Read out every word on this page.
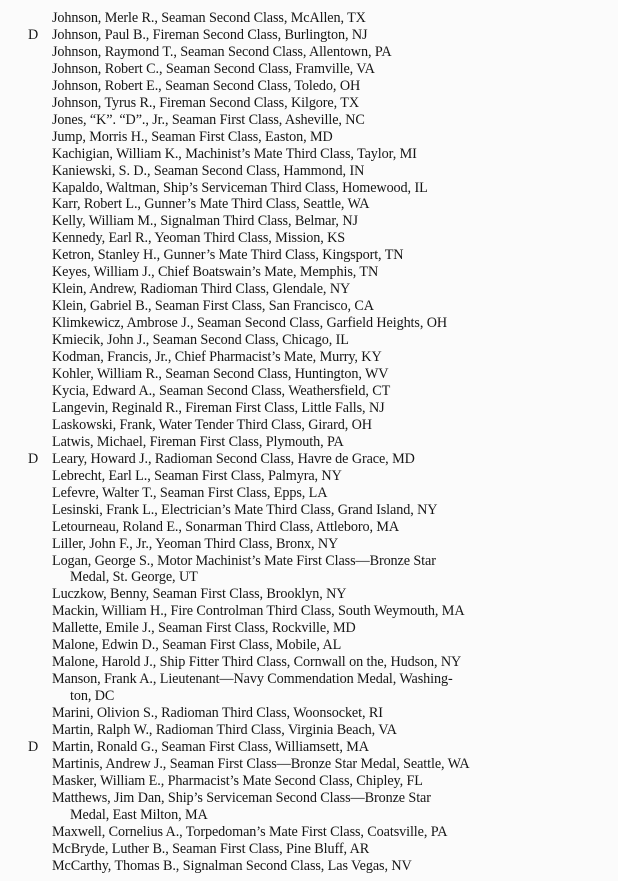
Johnson, Merle R., Seaman Second Class, McAllen, TX
D Johnson, Paul B., Fireman Second Class, Burlington, NJ
Johnson, Raymond T., Seaman Second Class, Allentown, PA
Johnson, Robert C., Seaman Second Class, Framville, VA
Johnson, Robert E., Seaman Second Class, Toledo, OH
Johnson, Tyrus R., Fireman Second Class, Kilgore, TX
Jones, “K”. “D”., Jr., Seaman First Class, Asheville, NC
Jump, Morris H., Seaman First Class, Easton, MD
Kachigian, William K., Machinist’s Mate Third Class, Taylor, MI
Kaniewski, S. D., Seaman Second Class, Hammond, IN
Kapaldo, Waltman, Ship’s Serviceman Third Class, Homewood, IL
Karr, Robert L., Gunner’s Mate Third Class, Seattle, WA
Kelly, William M., Signalman Third Class, Belmar, NJ
Kennedy, Earl R., Yeoman Third Class, Mission, KS
Ketron, Stanley H., Gunner’s Mate Third Class, Kingsport, TN
Keyes, William J., Chief Boatswain’s Mate, Memphis, TN
Klein, Andrew, Radioman Third Class, Glendale, NY
Klein, Gabriel B., Seaman First Class, San Francisco, CA
Klimkewicz, Ambrose J., Seaman Second Class, Garfield Heights, OH
Kmiecik, John J., Seaman Second Class, Chicago, IL
Kodman, Francis, Jr., Chief Pharmacist’s Mate, Murry, KY
Kohler, William R., Seaman Second Class, Huntington, WV
Kycia, Edward A., Seaman Second Class, Weathersfield, CT
Langevin, Reginald R., Fireman First Class, Little Falls, NJ
Laskowski, Frank, Water Tender Third Class, Girard, OH
Latwis, Michael, Fireman First Class, Plymouth, PA
D Leary, Howard J., Radioman Second Class, Havre de Grace, MD
Lebrecht, Earl L., Seaman First Class, Palmyra, NY
Lefevre, Walter T., Seaman First Class, Epps, LA
Lesinski, Frank L., Electrician’s Mate Third Class, Grand Island, NY
Letourneau, Roland E., Sonarman Third Class, Attleboro, MA
Liller, John F., Jr., Yeoman Third Class, Bronx, NY
Logan, George S., Motor Machinist’s Mate First Class—Bronze Star
Medal, St. George, UT
Luczkow, Benny, Seaman First Class, Brooklyn, NY
Mackin, William H., Fire Controlman Third Class, South Weymouth, MA
Mallette, Emile J., Seaman First Class, Rockville, MD
Malone, Edwin D., Seaman First Class, Mobile, AL
Malone, Harold J., Ship Fitter Third Class, Cornwall on the, Hudson, NY
Manson, Frank A., Lieutenant—Navy Commendation Medal, Washing-
ton, DC
Marini, Olivion S., Radioman Third Class, Woonsocket, RI
Martin, Ralph W., Radioman Third Class, Virginia Beach, VA
D Martin, Ronald G., Seaman First Class, Williamsett, MA
Martinis, Andrew J., Seaman First Class—Bronze Star Medal, Seattle, WA
Masker, William E., Pharmacist’s Mate Second Class, Chipley, FL
Matthews, Jim Dan, Ship’s Serviceman Second Class—Bronze Star
Medal, East Milton, MA
Maxwell, Cornelius A., Torpedoman’s Mate First Class, Coatsville, PA
McBryde, Luther B., Seaman First Class, Pine Bluff, AR
McCarthy, Thomas B., Signalman Second Class, Las Vegas, NV
